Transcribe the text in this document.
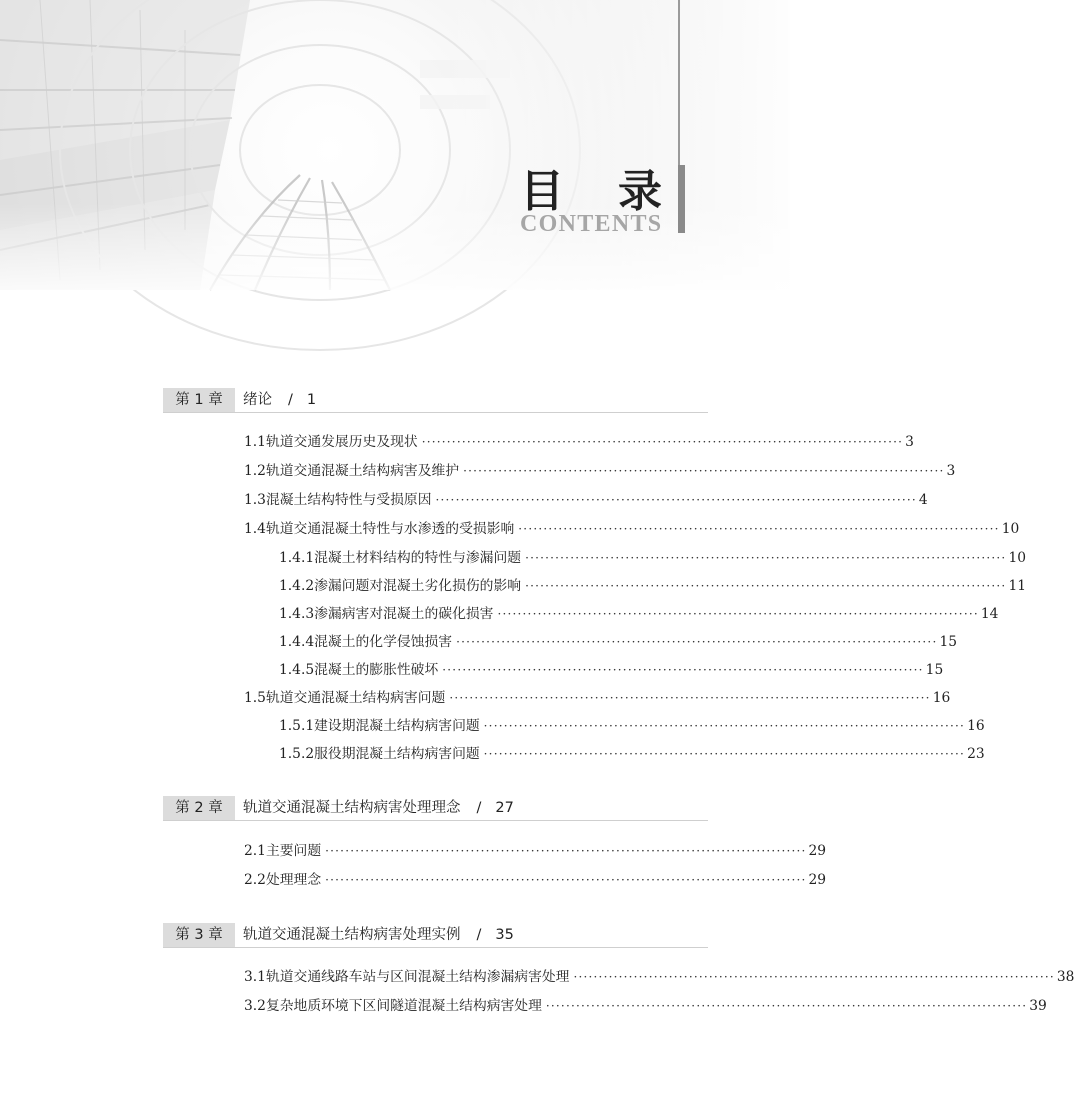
目 录
CONTENTS
第 1 章	绪论 / 1
1.1 轨道交通发展历史及现状 ································································································ 3
1.2 轨道交通混凝土结构病害及维护 ································································································ 3
1.3 混凝土结构特性与受损原因 ································································································ 4
1.4 轨道交通混凝土特性与水渗透的受损影响 ································································································ 10
1.4.1 混凝土材料结构的特性与渗漏问题 ································································································ 10
1.4.2 渗漏问题对混凝土劣化损伤的影响 ································································································ 11
1.4.3 渗漏病害对混凝土的碳化损害 ································································································ 14
1.4.4 混凝土的化学侵蚀损害 ································································································ 15
1.4.5 混凝土的膨胀性破坏 ································································································ 15
1.5 轨道交通混凝土结构病害问题 ································································································ 16
1.5.1 建设期混凝土结构病害问题 ································································································ 16
1.5.2 服役期混凝土结构病害问题 ································································································ 23
第 2 章	轨道交通混凝土结构病害处理理念 / 27
2.1 主要问题 ································································································ 29
2.2 处理理念 ································································································ 29
第 3 章	轨道交通混凝土结构病害处理实例 / 35
3.1 轨道交通线路车站与区间混凝土结构渗漏病害处理 ································································································ 38
3.2 复杂地质环境下区间隧道混凝土结构病害处理 ································································································ 39
